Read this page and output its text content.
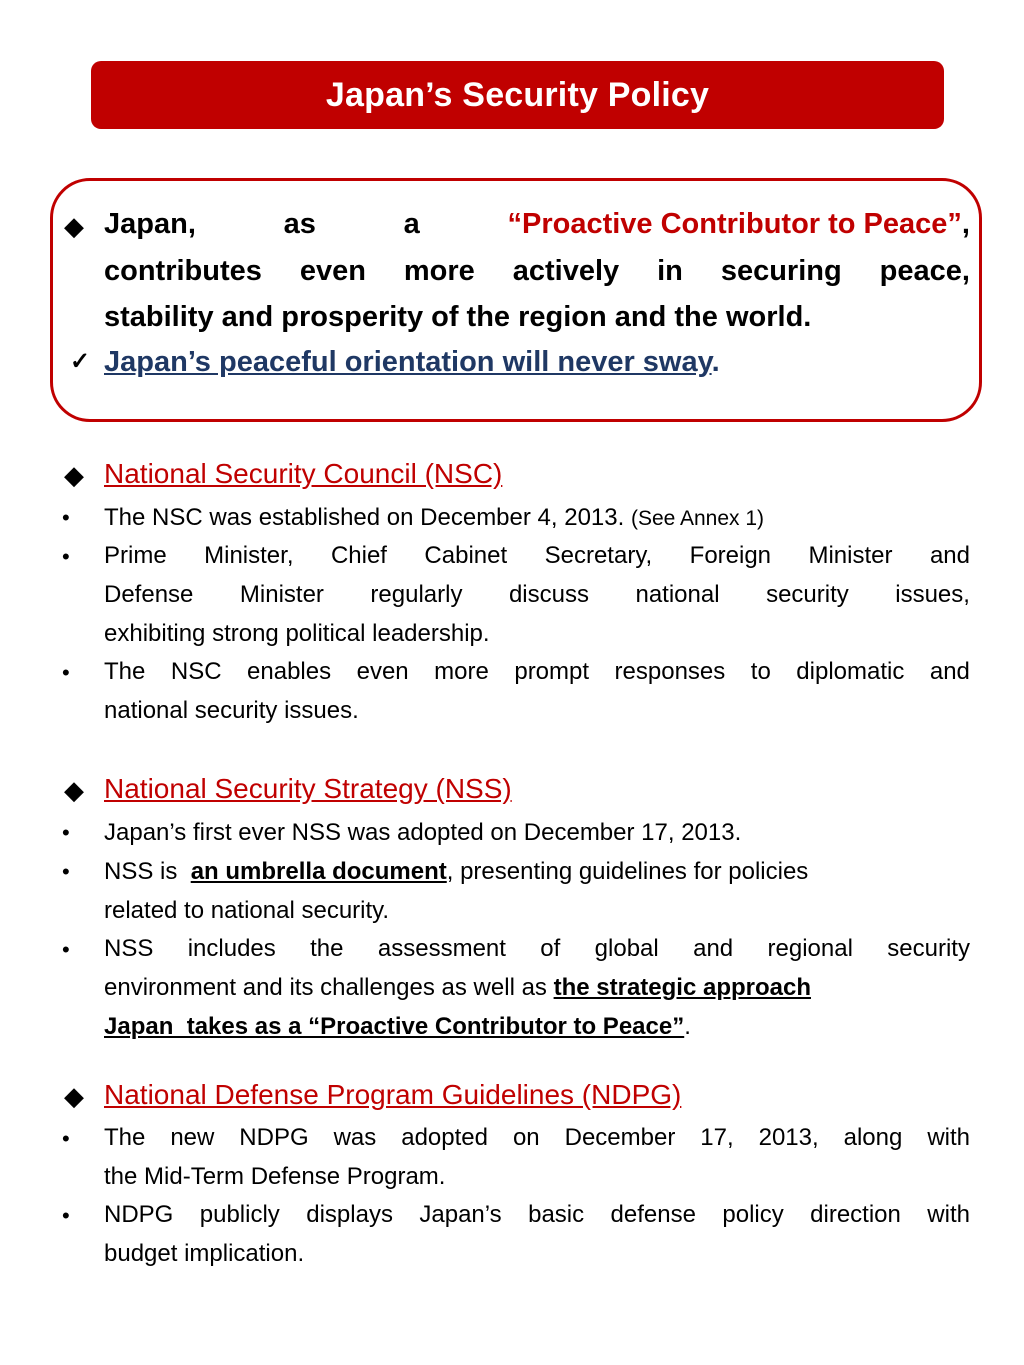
Japan’s Security Policy
◆ Japan,	as	a	“Proactive Contributor to Peace”,
contributes even more actively in securing peace,
stability and prosperity of the region and the world.
✓ Japan’s peaceful orientation will never sway.
◆ National Security Council (NSC)
• The NSC was established on December 4, 2013. (See Annex 1)
• Prime Minister, Chief Cabinet Secretary, Foreign Minister and
Defense Minister regularly discuss national security issues,
exhibiting strong political leadership.
• The NSC enables even more prompt responses to diplomatic and
national security issues.
◆ National Security Strategy (NSS)
• Japan’s first ever NSS was adopted on December 17, 2013.
• NSS is an umbrella document, presenting guidelines for policies
related to national security.
• NSS includes the assessment of global and regional security
environment and its challenges as well as the strategic approach
Japan  takes as a “Proactive Contributor to Peace”.
◆ National Defense Program Guidelines (NDPG)
• The new NDPG was adopted on December 17, 2013, along with
the Mid-Term Defense Program.
• NDPG publicly displays Japan’s basic defense policy direction with
budget implication.
